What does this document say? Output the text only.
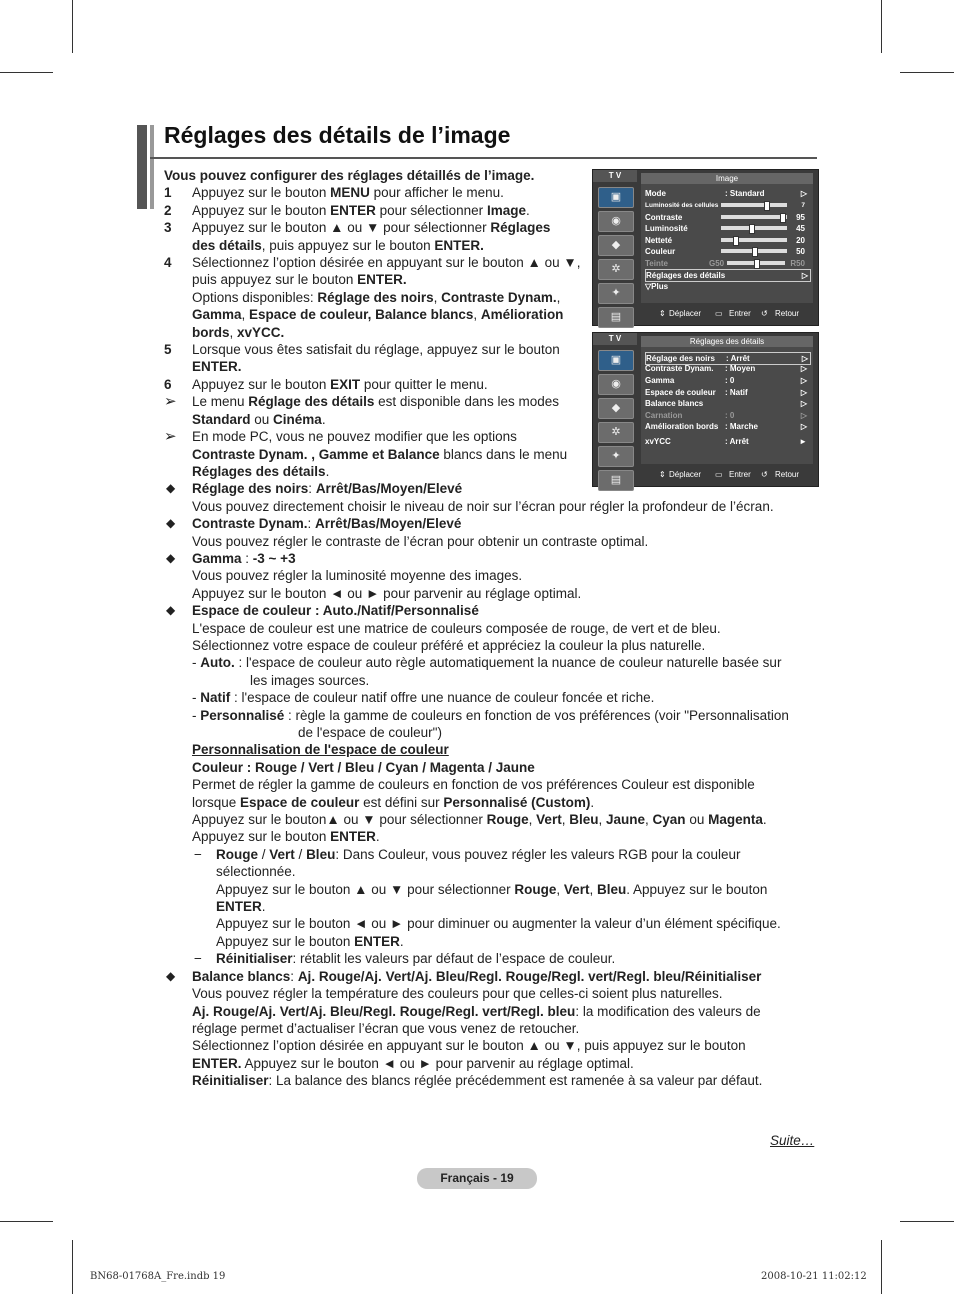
Réglages des détails de l’image
Vous pouvez configurer des réglages détaillés de l’image.
1 Appuyez sur le bouton MENU pour afficher le menu.
2 Appuyez sur le bouton ENTER pour sélectionner Image.
3 Appuyez sur le bouton ▲ ou ▼ pour sélectionner Réglages
des détails, puis appuyez sur le bouton ENTER.
4 Sélectionnez l’option désirée en appuyant sur le bouton ▲ ou ▼,
puis appuyez sur le bouton ENTER.
Options disponibles: Réglage des noirs, Contraste Dynam.,
Gamma, Espace de couleur, Balance blancs, Amélioration
bords, xvYCC.
5 Lorsque vous êtes satisfait du réglage, appuyez sur le bouton
ENTER.
6 Appuyez sur le bouton EXIT pour quitter le menu.
➢ Le menu Réglage des détails est disponible dans les modes
Standard ou Cinéma.
➢ En mode PC, vous ne pouvez modifier que les options
Contraste Dynam. , Gamme et Balance blancs dans le menu
Réglages des détails.
◆ Réglage des noirs: Arrêt/Bas/Moyen/Elevé
Vous pouvez directement choisir le niveau de noir sur l’écran pour régler la profondeur de l’écran.
◆ Contraste Dynam.: Arrêt/Bas/Moyen/Elevé
Vous pouvez régler le contraste de l’écran pour obtenir un contraste optimal.
◆ Gamma : -3 ~ +3
Vous pouvez régler la luminosité moyenne des images.
Appuyez sur le bouton ◄ ou ► pour parvenir au réglage optimal.
◆ Espace de couleur : Auto./Natif/Personnalisé
L'espace de couleur est une matrice de couleurs composée de rouge, de vert et de bleu.
Sélectionnez votre espace de couleur préféré et appréciez la couleur la plus naturelle.
- Auto. : l'espace de couleur auto règle automatiquement la nuance de couleur naturelle basée sur
les images sources.
- Natif : l'espace de couleur natif offre une nuance de couleur foncée et riche.
- Personnalisé : règle la gamme de couleurs en fonction de vos préférences (voir "Personnalisation
de l'espace de couleur")
Personnalisation de l'espace de couleur
Couleur : Rouge / Vert / Bleu / Cyan / Magenta / Jaune
Permet de régler la gamme de couleurs en fonction de vos préférences Couleur est disponible
lorsque Espace de couleur est défini sur Personnalisé (Custom).
Appuyez sur le bouton▲ ou ▼ pour sélectionner Rouge, Vert, Bleu, Jaune, Cyan ou Magenta.
Appuyez sur le bouton ENTER.
− Rouge / Vert / Bleu: Dans Couleur, vous pouvez régler les valeurs RGB pour la couleur
sélectionnée.
Appuyez sur le bouton ▲ ou ▼ pour sélectionner Rouge, Vert, Bleu. Appuyez sur le bouton
ENTER.
Appuyez sur le bouton ◄ ou ► pour diminuer ou augmenter la valeur d’un élément spécifique.
Appuyez sur le bouton ENTER.
− Réinitialiser: rétablit les valeurs par défaut de l’espace de couleur.
◆ Balance blancs: Aj. Rouge/Aj. Vert/Aj. Bleu/Regl. Rouge/Regl. vert/Regl. bleu/Réinitialiser
Vous pouvez régler la température des couleurs pour que celles-ci soient plus naturelles.
Aj. Rouge/Aj. Vert/Aj. Bleu/Regl. Rouge/Regl. vert/Regl. bleu: la modification des valeurs de
réglage permet d’actualiser l’écran que vous venez de retoucher.
Sélectionnez l’option désirée en appuyant sur le bouton ▲ ou ▼, puis appuyez sur le bouton
ENTER. Appuyez sur le bouton ◄ ou ► pour parvenir au réglage optimal.
Réinitialiser: La balance des blancs réglée précédemment est ramenée à sa valeur par défaut.
T V	Image
▣
◉
◆
✲
✦
▤
Mode	: Standard	▷
Luminosité des cellules	7
Contraste	95
Luminosité	45
Netteté	20
Couleur	50
Teinte	G50	R50
Réglages des détails	▷
▽Plus
⇕ Déplacer ▭ Entrer ↺ Retour
T V	Réglages des détails
▣
◉
◆
✲
✦
▤
Réglage des noirs : Arrêt	▷
Contraste Dynam. : Moyen	▷
Gamma	: 0	▷
Espace de couleur : Natif	▷
Balance blancs	▷
Carnation	: 0	▷
Amélioration bords : Marche	▷
xvYCC	: Arrêt	►
⇕ Déplacer ▭ Entrer ↺ Retour
Suite…
Français - 19
BN68-01768A_Fre.indb 19	2008-10-21 11:02:12
